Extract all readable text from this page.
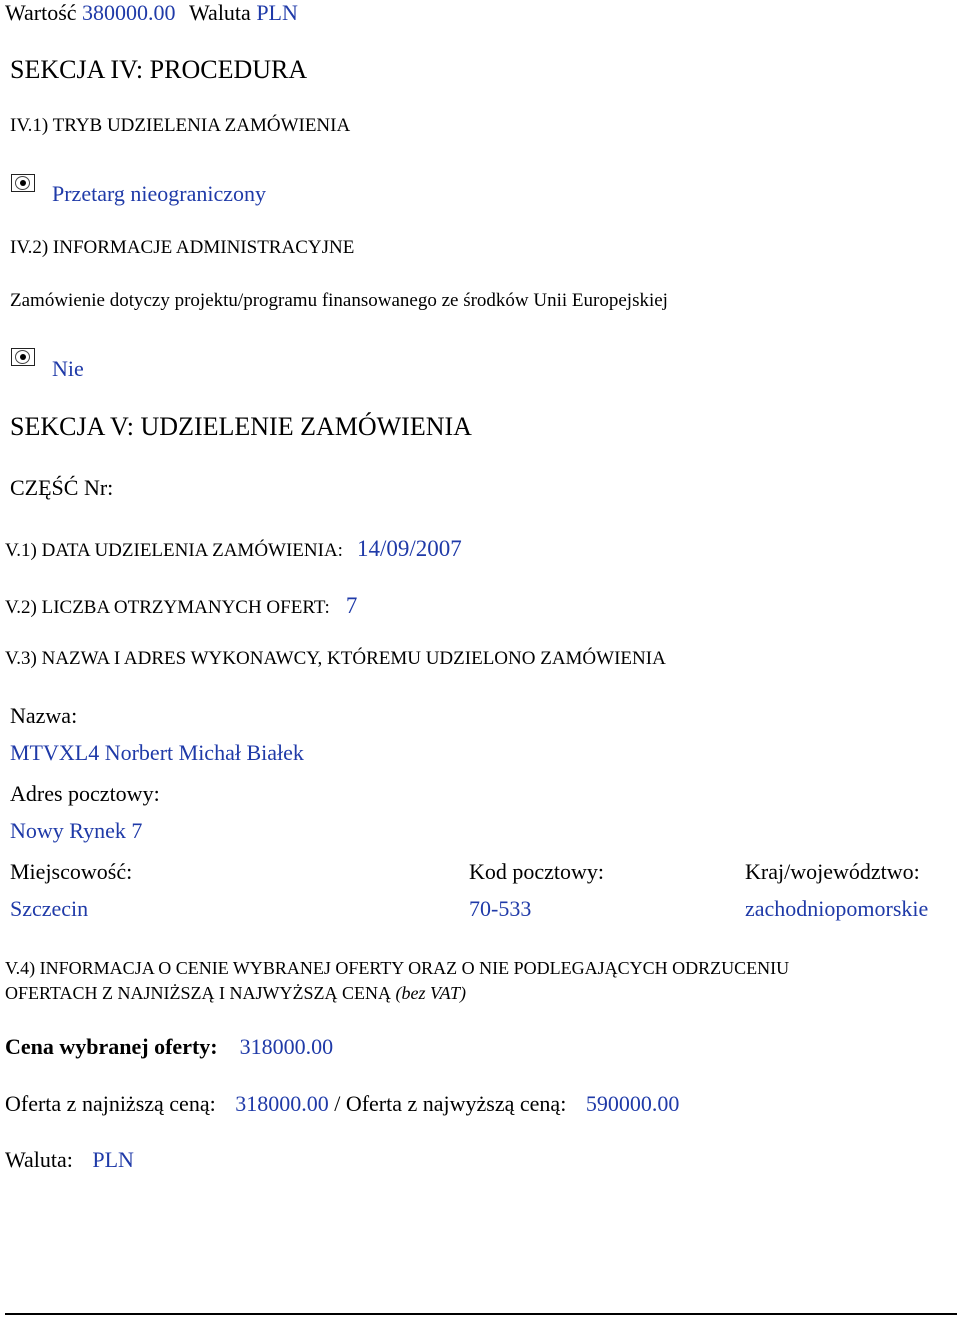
Wartość 380000.00 Waluta PLN
SEKCJA IV: PROCEDURA
IV.1) TRYB UDZIELENIA ZAMÓWIENIA
Przetarg nieograniczony
IV.2) INFORMACJE ADMINISTRACYJNE
Zamówienie dotyczy projektu/programu finansowanego ze środków Unii Europejskiej
Nie
SEKCJA V: UDZIELENIE ZAMÓWIENIA
CZĘŚĆ Nr:
V.1) DATA UDZIELENIA ZAMÓWIENIA: 14/09/2007
V.2) LICZBA OTRZYMANYCH OFERT: 7
V.3) NAZWA I ADRES WYKONAWCY, KTÓREMU UDZIELONO ZAMÓWIENIA
Nazwa:
MTVXL4 Norbert Michał Białek
Adres pocztowy:
Nowy Rynek 7
Miejscowość:	Kod pocztowy:	Kraj/województwo:
Szczecin	70-533	zachodniopomorskie
V.4) INFORMACJA O CENIE WYBRANEJ OFERTY ORAZ O NIE PODLEGAJĄCYCH ODRZUCENIU
OFERTACH Z NAJNIŻSZĄ I NAJWYŻSZĄ CENĄ (bez VAT)
Cena wybranej oferty: 318000.00
Oferta z najniższą ceną: 318000.00 / Oferta z najwyższą ceną: 590000.00
Waluta: PLN
